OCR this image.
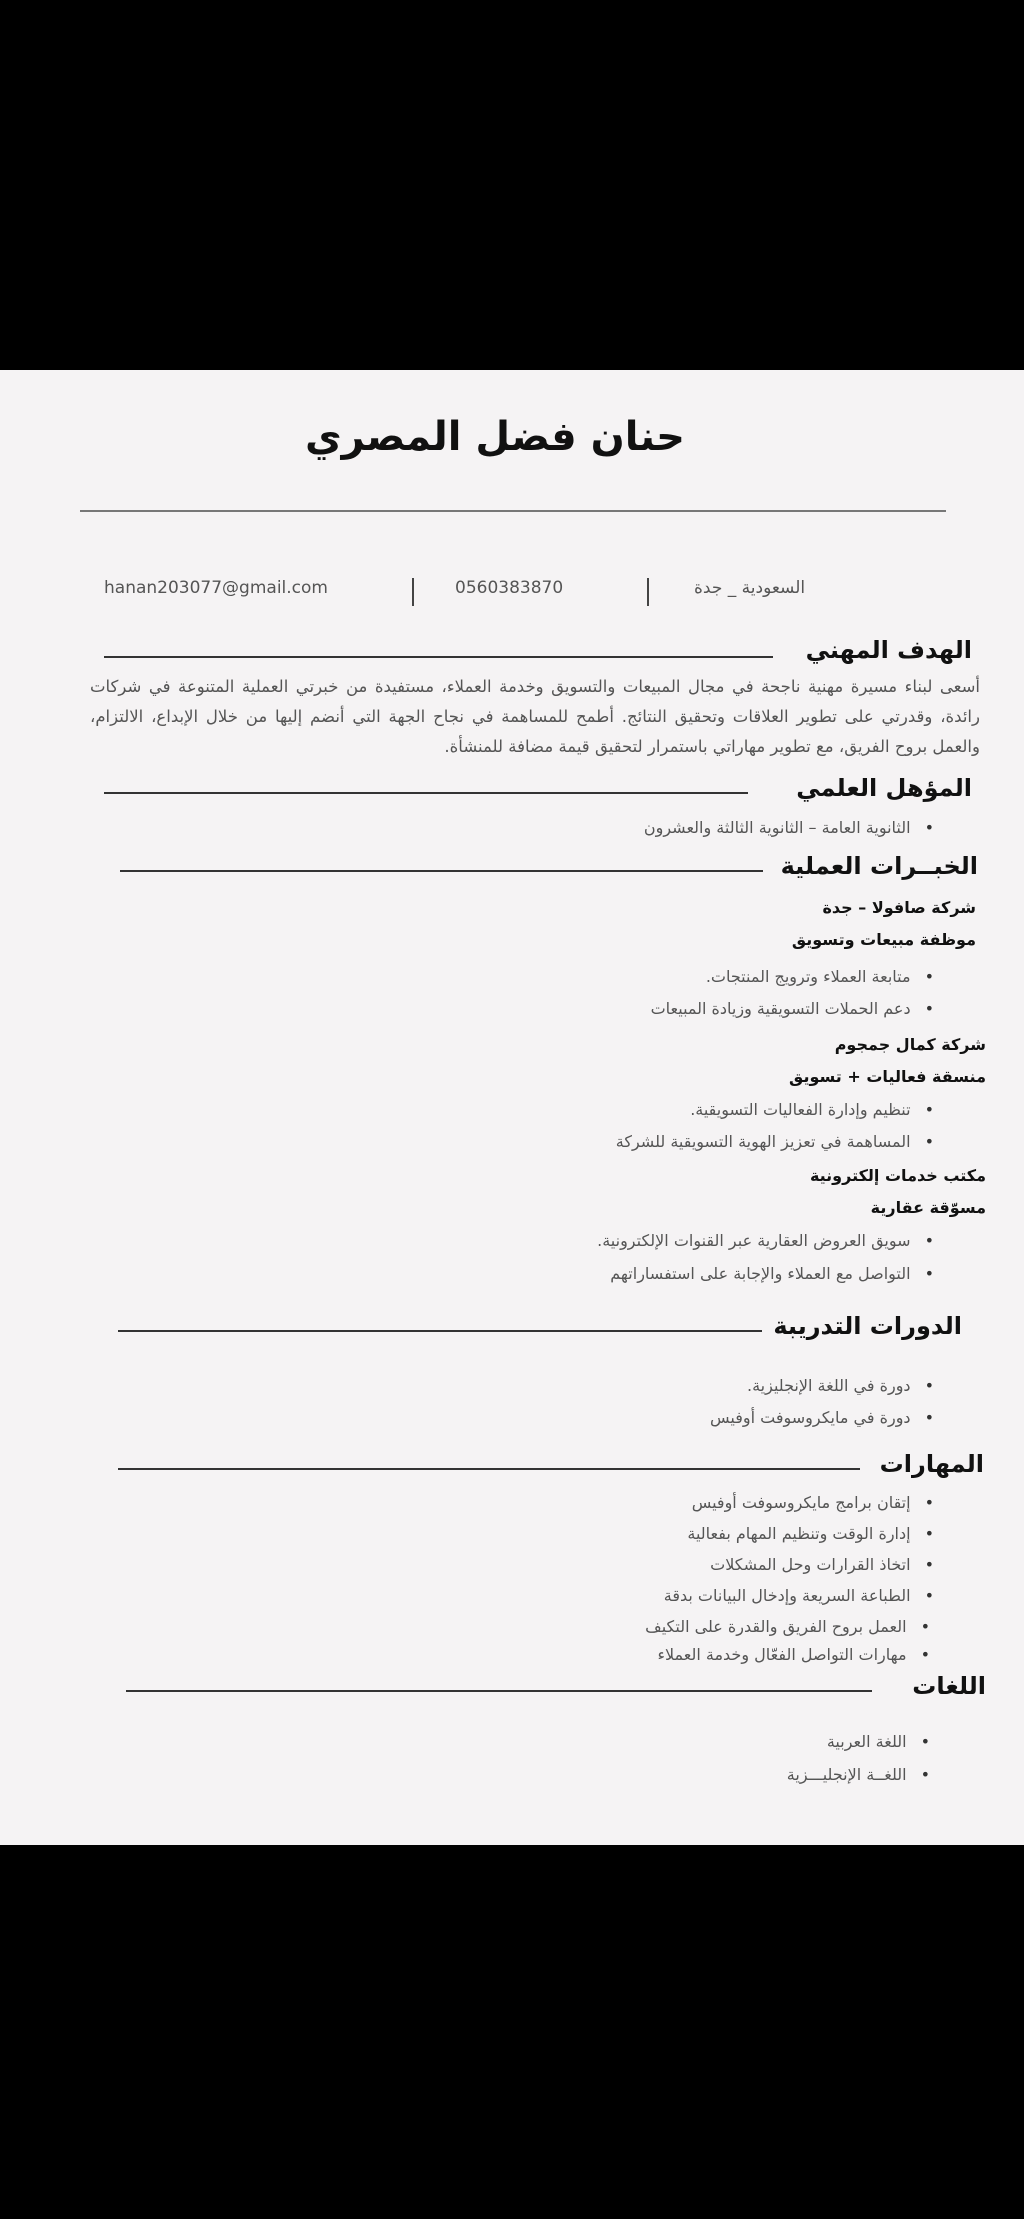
حنان فضل المصري
hanan203077@gmail.com	0560383870	السعودية _ جدة
الهدف المهني
أسعى لبناء مسيرة مهنية ناجحة في مجال المبيعات والتسويق وخدمة العملاء، مستفيدة من خبرتي العملية المتنوعة في شركات رائدة، وقدرتي على تطوير العلاقات وتحقيق النتائج. أطمح للمساهمة في نجاح الجهة التي أنضم إليها من خلال الإبداع، الالتزام، والعمل بروح الفريق، مع تطوير مهاراتي باستمرار لتحقيق قيمة مضافة للمنشأة.
المؤهل العلمي
• الثانوية العامة – الثانوية الثالثة والعشرون
الخبــرات العملية
شركة صافولا – جدة
موظفة مبيعات وتسويق
• متابعة العملاء وترويج المنتجات.
• دعم الحملات التسويقية وزيادة المبيعات
شركة كمال جمجوم
منسقة فعاليات + تسويق
• تنظيم وإدارة الفعاليات التسويقية.
• المساهمة في تعزيز الهوية التسويقية للشركة
مكتب خدمات إلكترونية
مسوّقة عقارية
• سويق العروض العقارية عبر القنوات الإلكترونية.
• التواصل مع العملاء والإجابة على استفساراتهم
الدورات التدريبة
• دورة في اللغة الإنجليزية.
• دورة في مايكروسوفت أوفيس
المهارات
• إتقان برامج مايكروسوفت أوفيس
• إدارة الوقت وتنظيم المهام بفعالية
• اتخاذ القرارات وحل المشكلات
• الطباعة السريعة وإدخال البيانات بدقة
• العمل بروح الفريق والقدرة على التكيف
• مهارات التواصل الفعّال وخدمة العملاء
اللغات
• اللغة العربية
• اللغــة الإنجليـــزية
